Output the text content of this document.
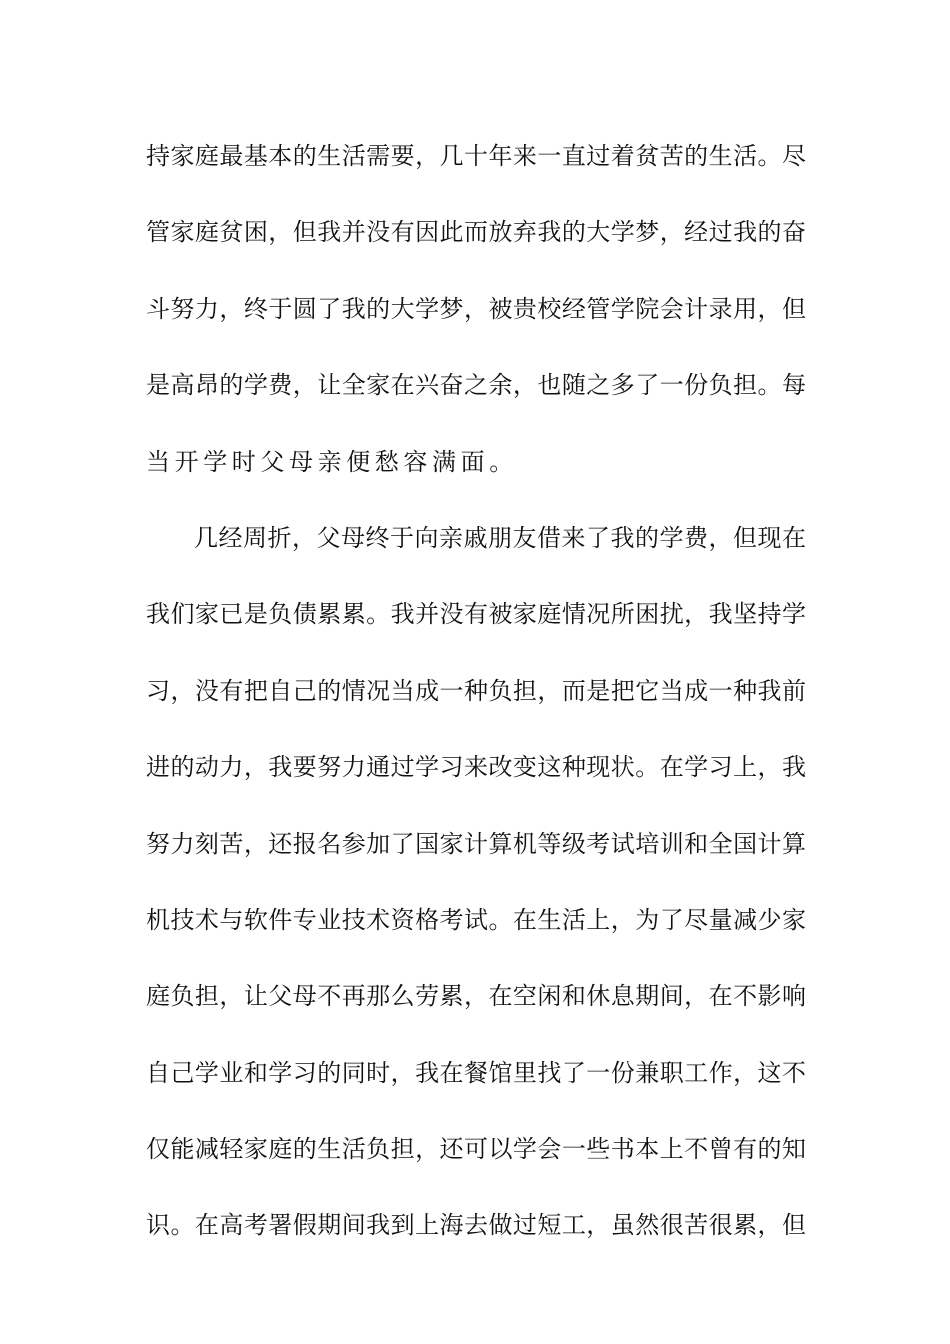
持家庭最基本的生活需要，几十年来一直过着贫苦的生活。尽
管家庭贫困，但我并没有因此而放弃我的大学梦，经过我的奋
斗努力，终于圆了我的大学梦，被贵校经管学院会计录用，但
是高昂的学费，让全家在兴奋之余，也随之多了一份负担。每
当开学时父母亲便愁容满面。
几经周折，父母终于向亲戚朋友借来了我的学费，但现在
我们家已是负债累累。我并没有被家庭情况所困扰，我坚持学
习，没有把自己的情况当成一种负担，而是把它当成一种我前
进的动力，我要努力通过学习来改变这种现状。在学习上，我
努力刻苦，还报名参加了国家计算机等级考试培训和全国计算
机技术与软件专业技术资格考试。在生活上，为了尽量减少家
庭负担，让父母不再那么劳累，在空闲和休息期间，在不影响
自己学业和学习的同时，我在餐馆里找了一份兼职工作，这不
仅能减轻家庭的生活负担，还可以学会一些书本上不曾有的知
识。在高考署假期间我到上海去做过短工，虽然很苦很累，但
